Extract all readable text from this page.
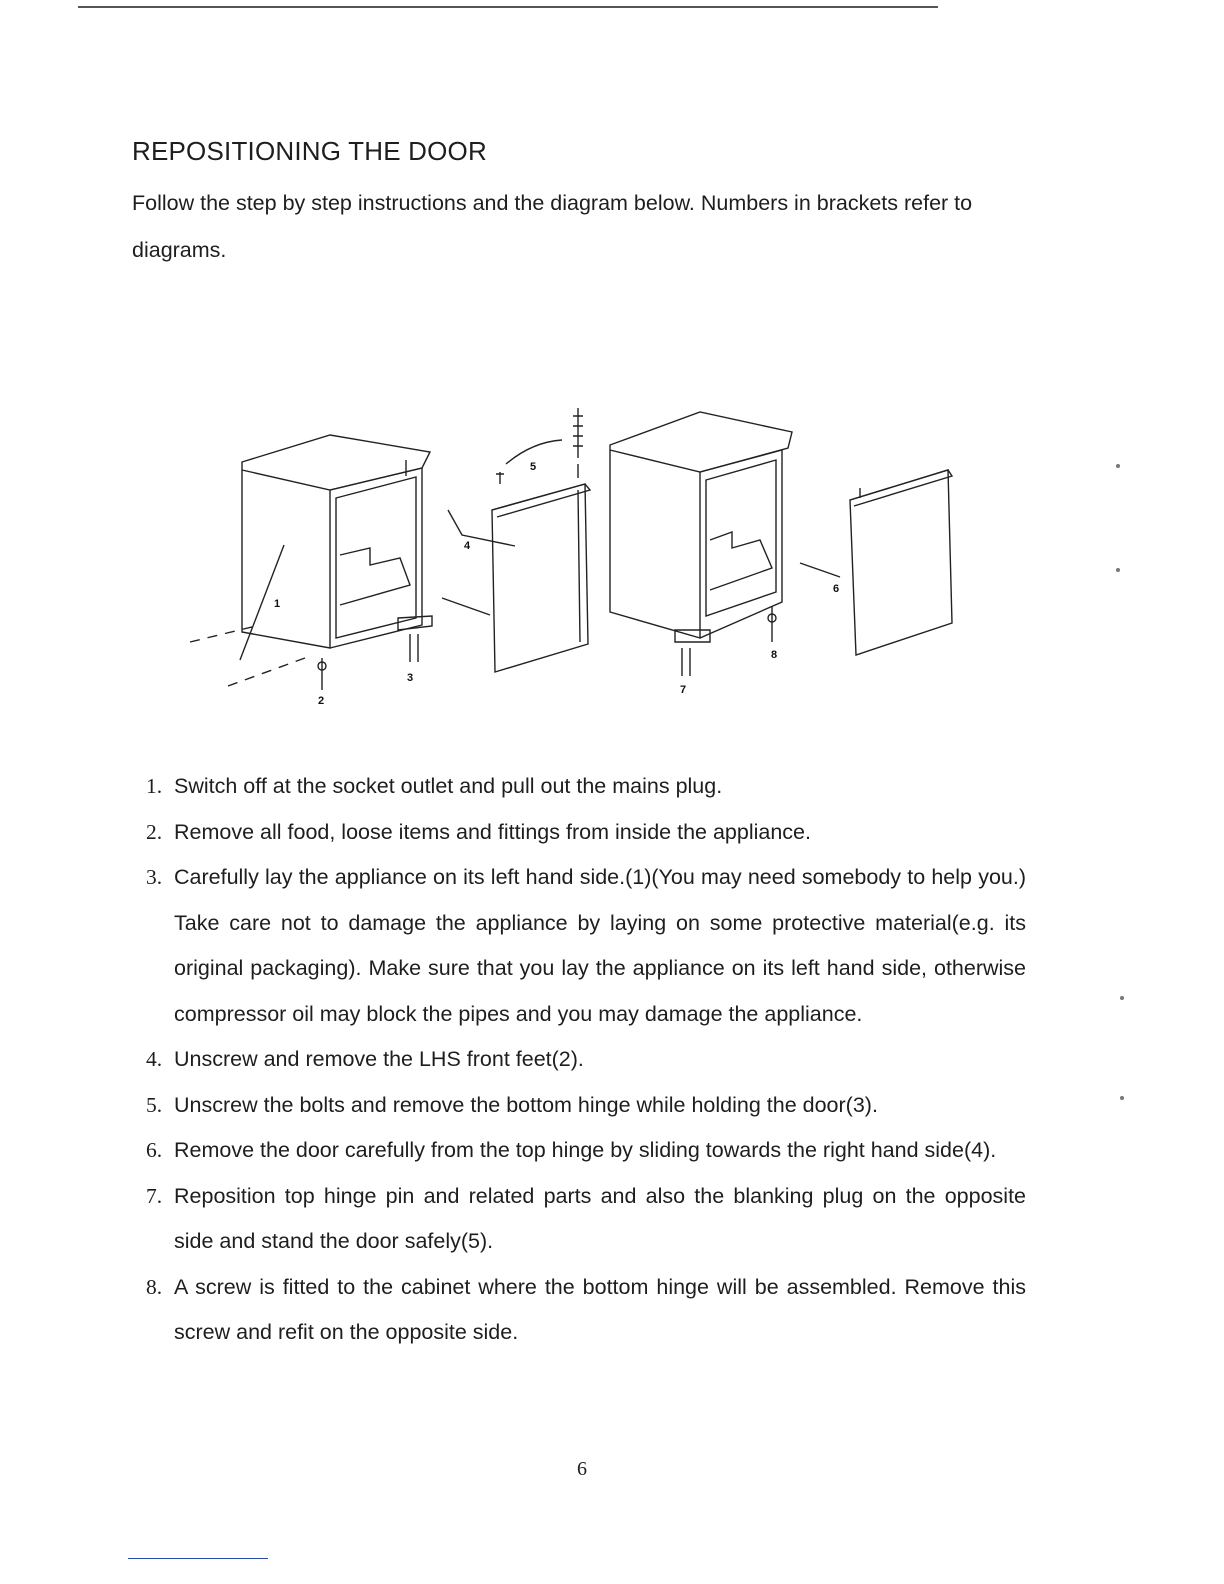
REPOSITIONING THE DOOR

Follow the step by step instructions and the diagram below. Numbers in brackets refer to diagrams.

1
2
3
4
5
6
7
8
1. Switch off at the socket outlet and pull out the mains plug.
2. Remove all food, loose items and fittings from inside the appliance.
3. Carefully lay the appliance on its left hand side.(1)(You may need somebody to help you.) Take care not to damage the appliance by laying on some protective material(e.g. its original packaging). Make sure that you lay the appliance on its left hand side, otherwise compressor oil may block the pipes and you may damage the appliance.
4. Unscrew and remove the LHS front feet(2).
5. Unscrew the bolts and remove the bottom hinge while holding the door(3).
6. Remove the door carefully from the top hinge by sliding towards the right hand side(4).
7. Reposition top hinge pin and related parts and also the blanking plug on the opposite side and stand the door safely(5).
8. A screw is fitted to the cabinet where the bottom hinge will be assembled. Remove this screw and refit on the opposite side.
6
